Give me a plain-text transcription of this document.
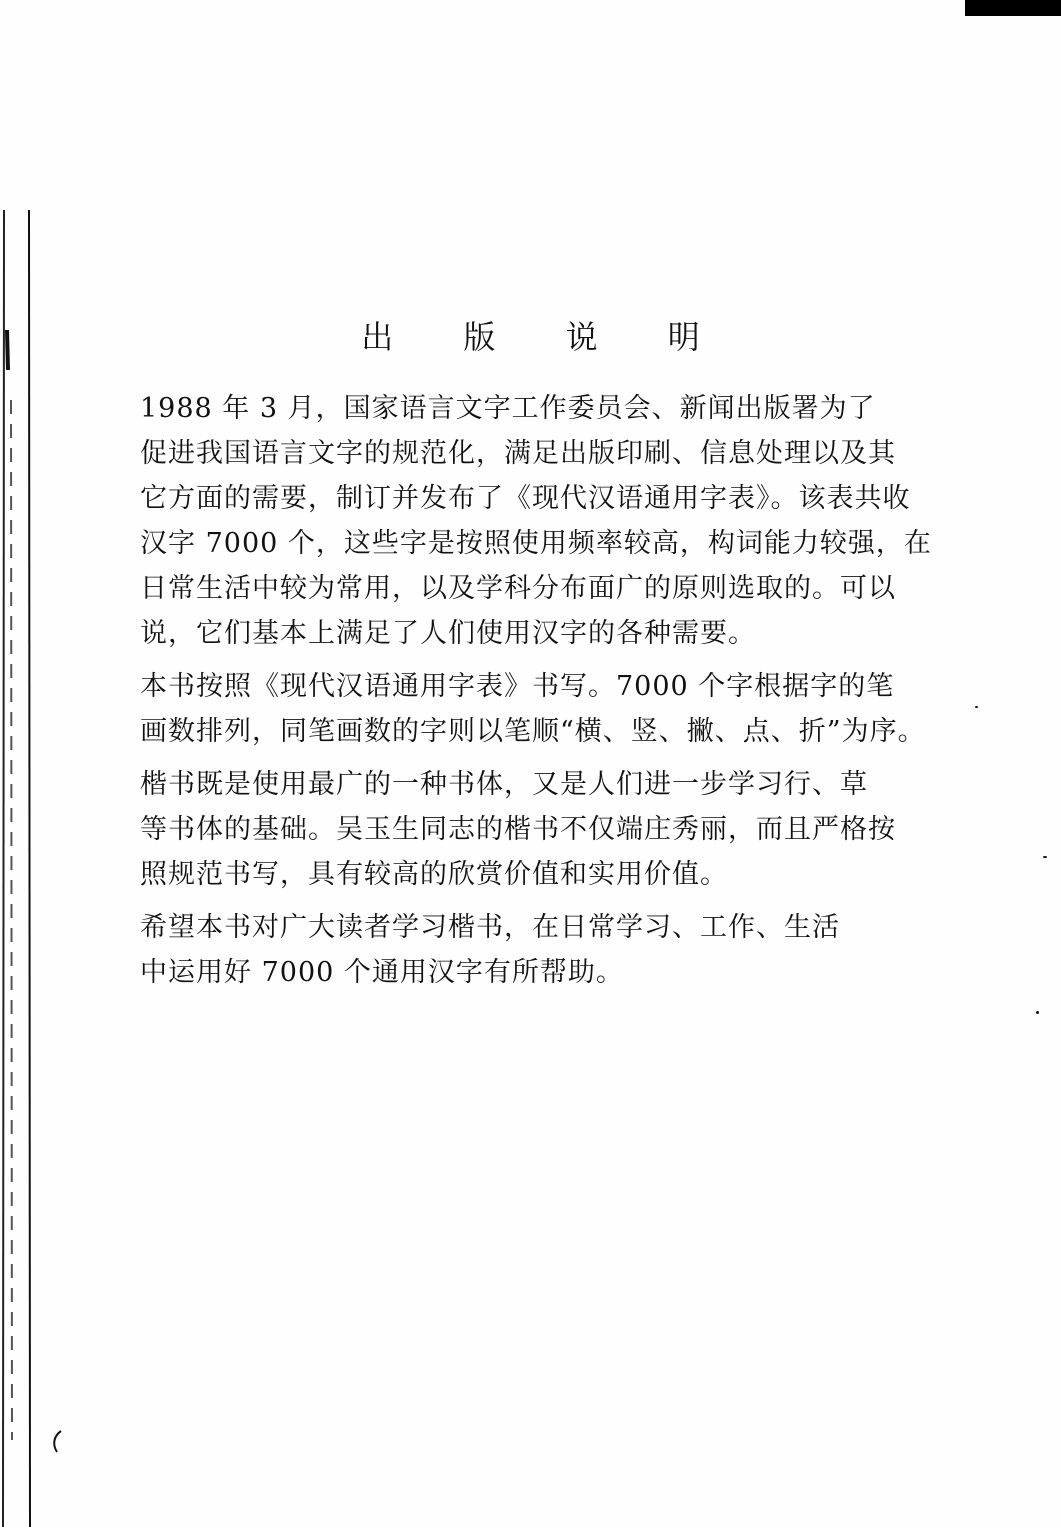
出 版 说 明
1988 年 3 月，国家语言文字工作委员会、新闻出版署为了
促进我国语言文字的规范化，满足出版印刷、信息处理以及其
它方面的需要，制订并发布了《现代汉语通用字表》。该表共收
汉字 7000 个，这些字是按照使用频率较高，构词能力较强，在
日常生活中较为常用，以及学科分布面广的原则选取的。可以
说，它们基本上满足了人们使用汉字的各种需要。
本书按照《现代汉语通用字表》书写。7000 个字根据字的笔
画数排列，同笔画数的字则以笔顺“横、竖、撇、点、折”为序。
楷书既是使用最广的一种书体，又是人们进一步学习行、草
等书体的基础。吴玉生同志的楷书不仅端庄秀丽，而且严格按
照规范书写，具有较高的欣赏价值和实用价值。
希望本书对广大读者学习楷书，在日常学习、工作、生活
中运用好 7000 个通用汉字有所帮助。
